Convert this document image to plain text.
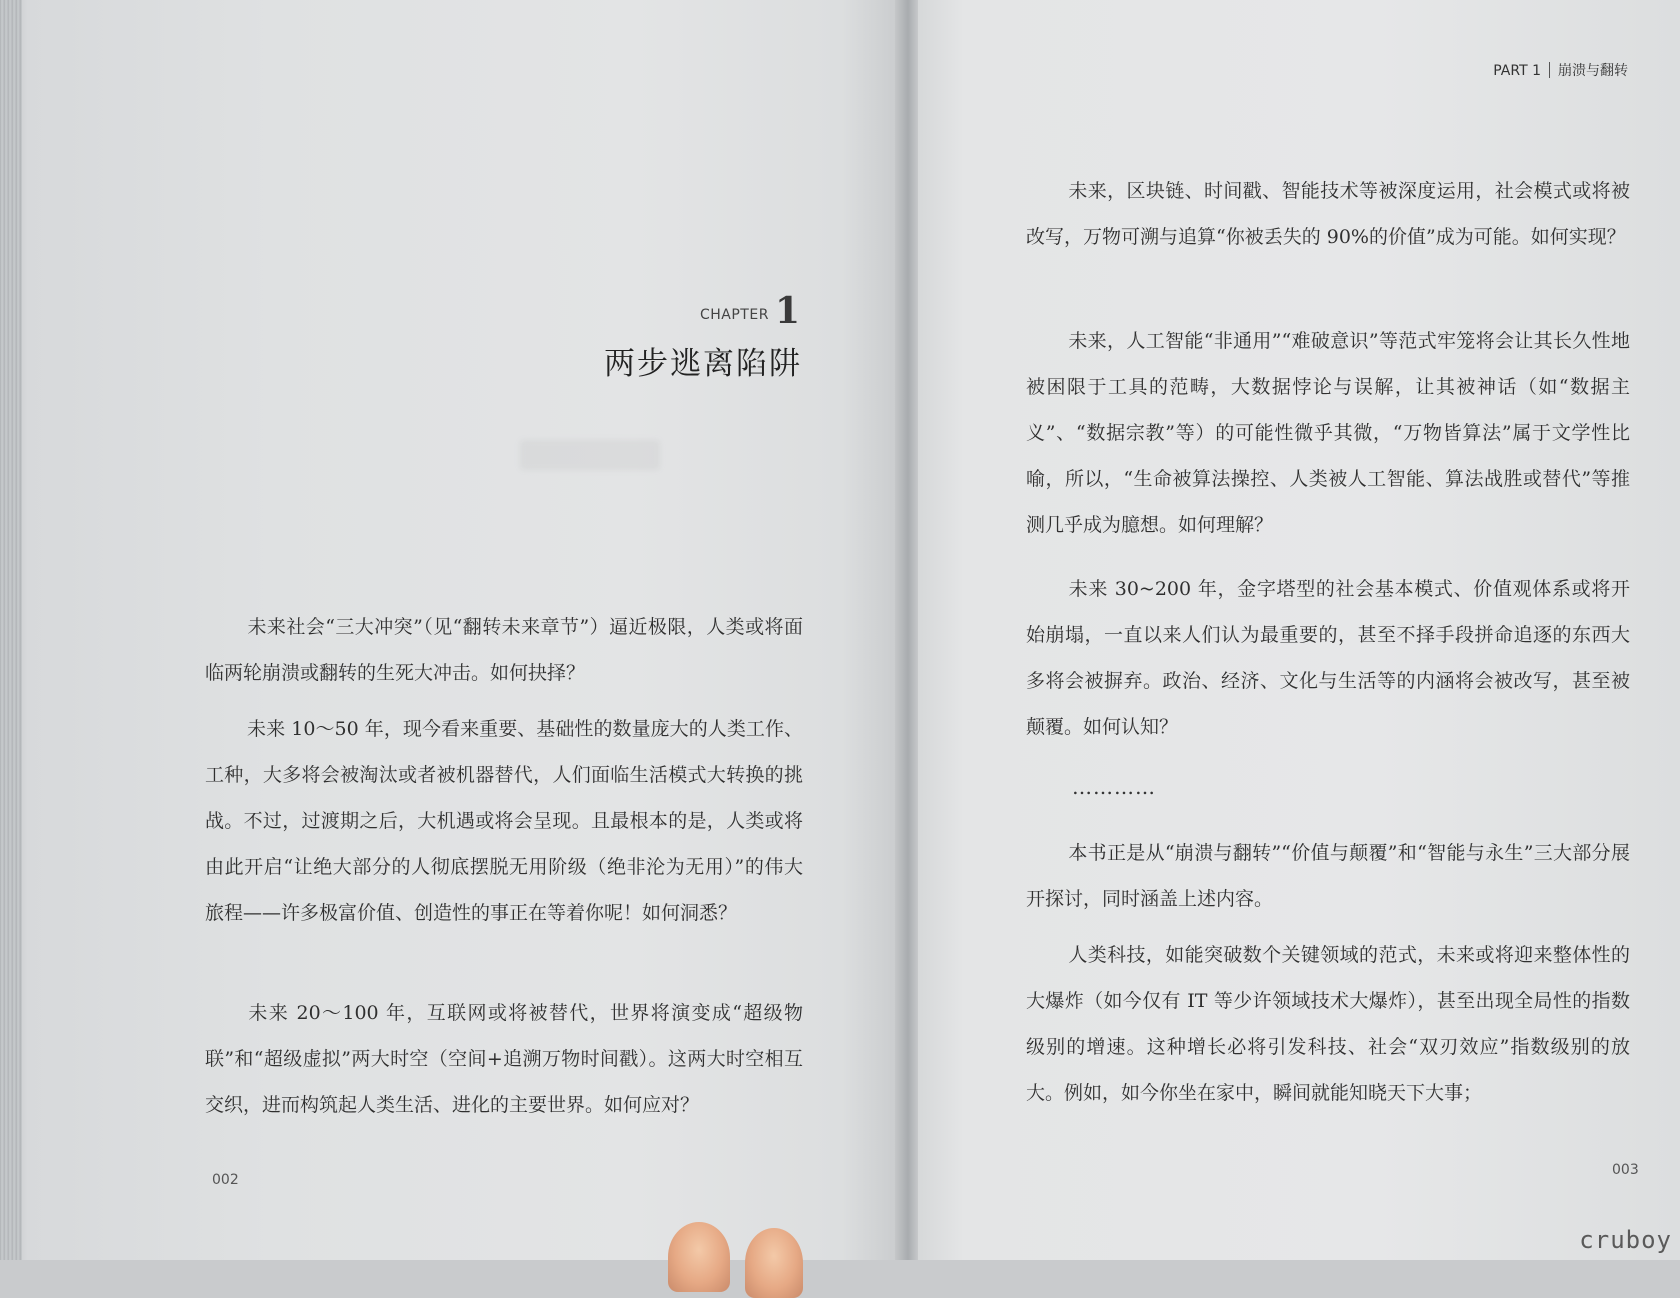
CHAPTER 1
两步逃离陷阱

未来社会“三大冲突”（见“翻转未来章节”）逼近极限，人类或将面临两轮崩溃或翻转的生死大冲击。如何抉择？

未来 10～50 年，现今看来重要、基础性的数量庞大的人类工作、工种，大多将会被淘汰或者被机器替代，人们面临生活模式大转换的挑战。不过，过渡期之后，大机遇或将会呈现。且最根本的是，人类或将由此开启“让绝大部分的人彻底摆脱无用阶级（绝非沦为无用）”的伟大旅程——许多极富价值、创造性的事正在等着你呢！如何洞悉？

未来 20～100 年，互联网或将被替代，世界将演变成“超级物联”和“超级虚拟”两大时空（空间+追溯万物时间戳）。这两大时空相互交织，进而构筑起人类生活、进化的主要世界。如何应对？

002
PART 1 崩溃与翻转

未来，区块链、时间戳、智能技术等被深度运用，社会模式或将被改写，万物可溯与追算“你被丢失的 90%的价值”成为可能。如何实现？

未来，人工智能“非通用”“难破意识”等范式牢笼将会让其长久性地被困限于工具的范畴，大数据悖论与误解，让其被神话（如“数据主义”、“数据宗教”等）的可能性微乎其微，“万物皆算法”属于文学性比喻，所以，“生命被算法操控、人类被人工智能、算法战胜或替代”等推测几乎成为臆想。如何理解？

未来 30~200 年，金字塔型的社会基本模式、价值观体系或将开始崩塌，一直以来人们认为最重要的，甚至不择手段拼命追逐的东西大多将会被摒弃。政治、经济、文化与生活等的内涵将会被改写，甚至被颠覆。如何认知？

…………

本书正是从“崩溃与翻转”“价值与颠覆”和“智能与永生”三大部分展开探讨，同时涵盖上述内容。

人类科技，如能突破数个关键领域的范式，未来或将迎来整体性的大爆炸（如今仅有 IT 等少许领域技术大爆炸），甚至出现全局性的指数级别的增速。这种增长必将引发科技、社会“双刃效应”指数级别的放大。例如，如今你坐在家中，瞬间就能知晓天下大事；

003
cruboy
